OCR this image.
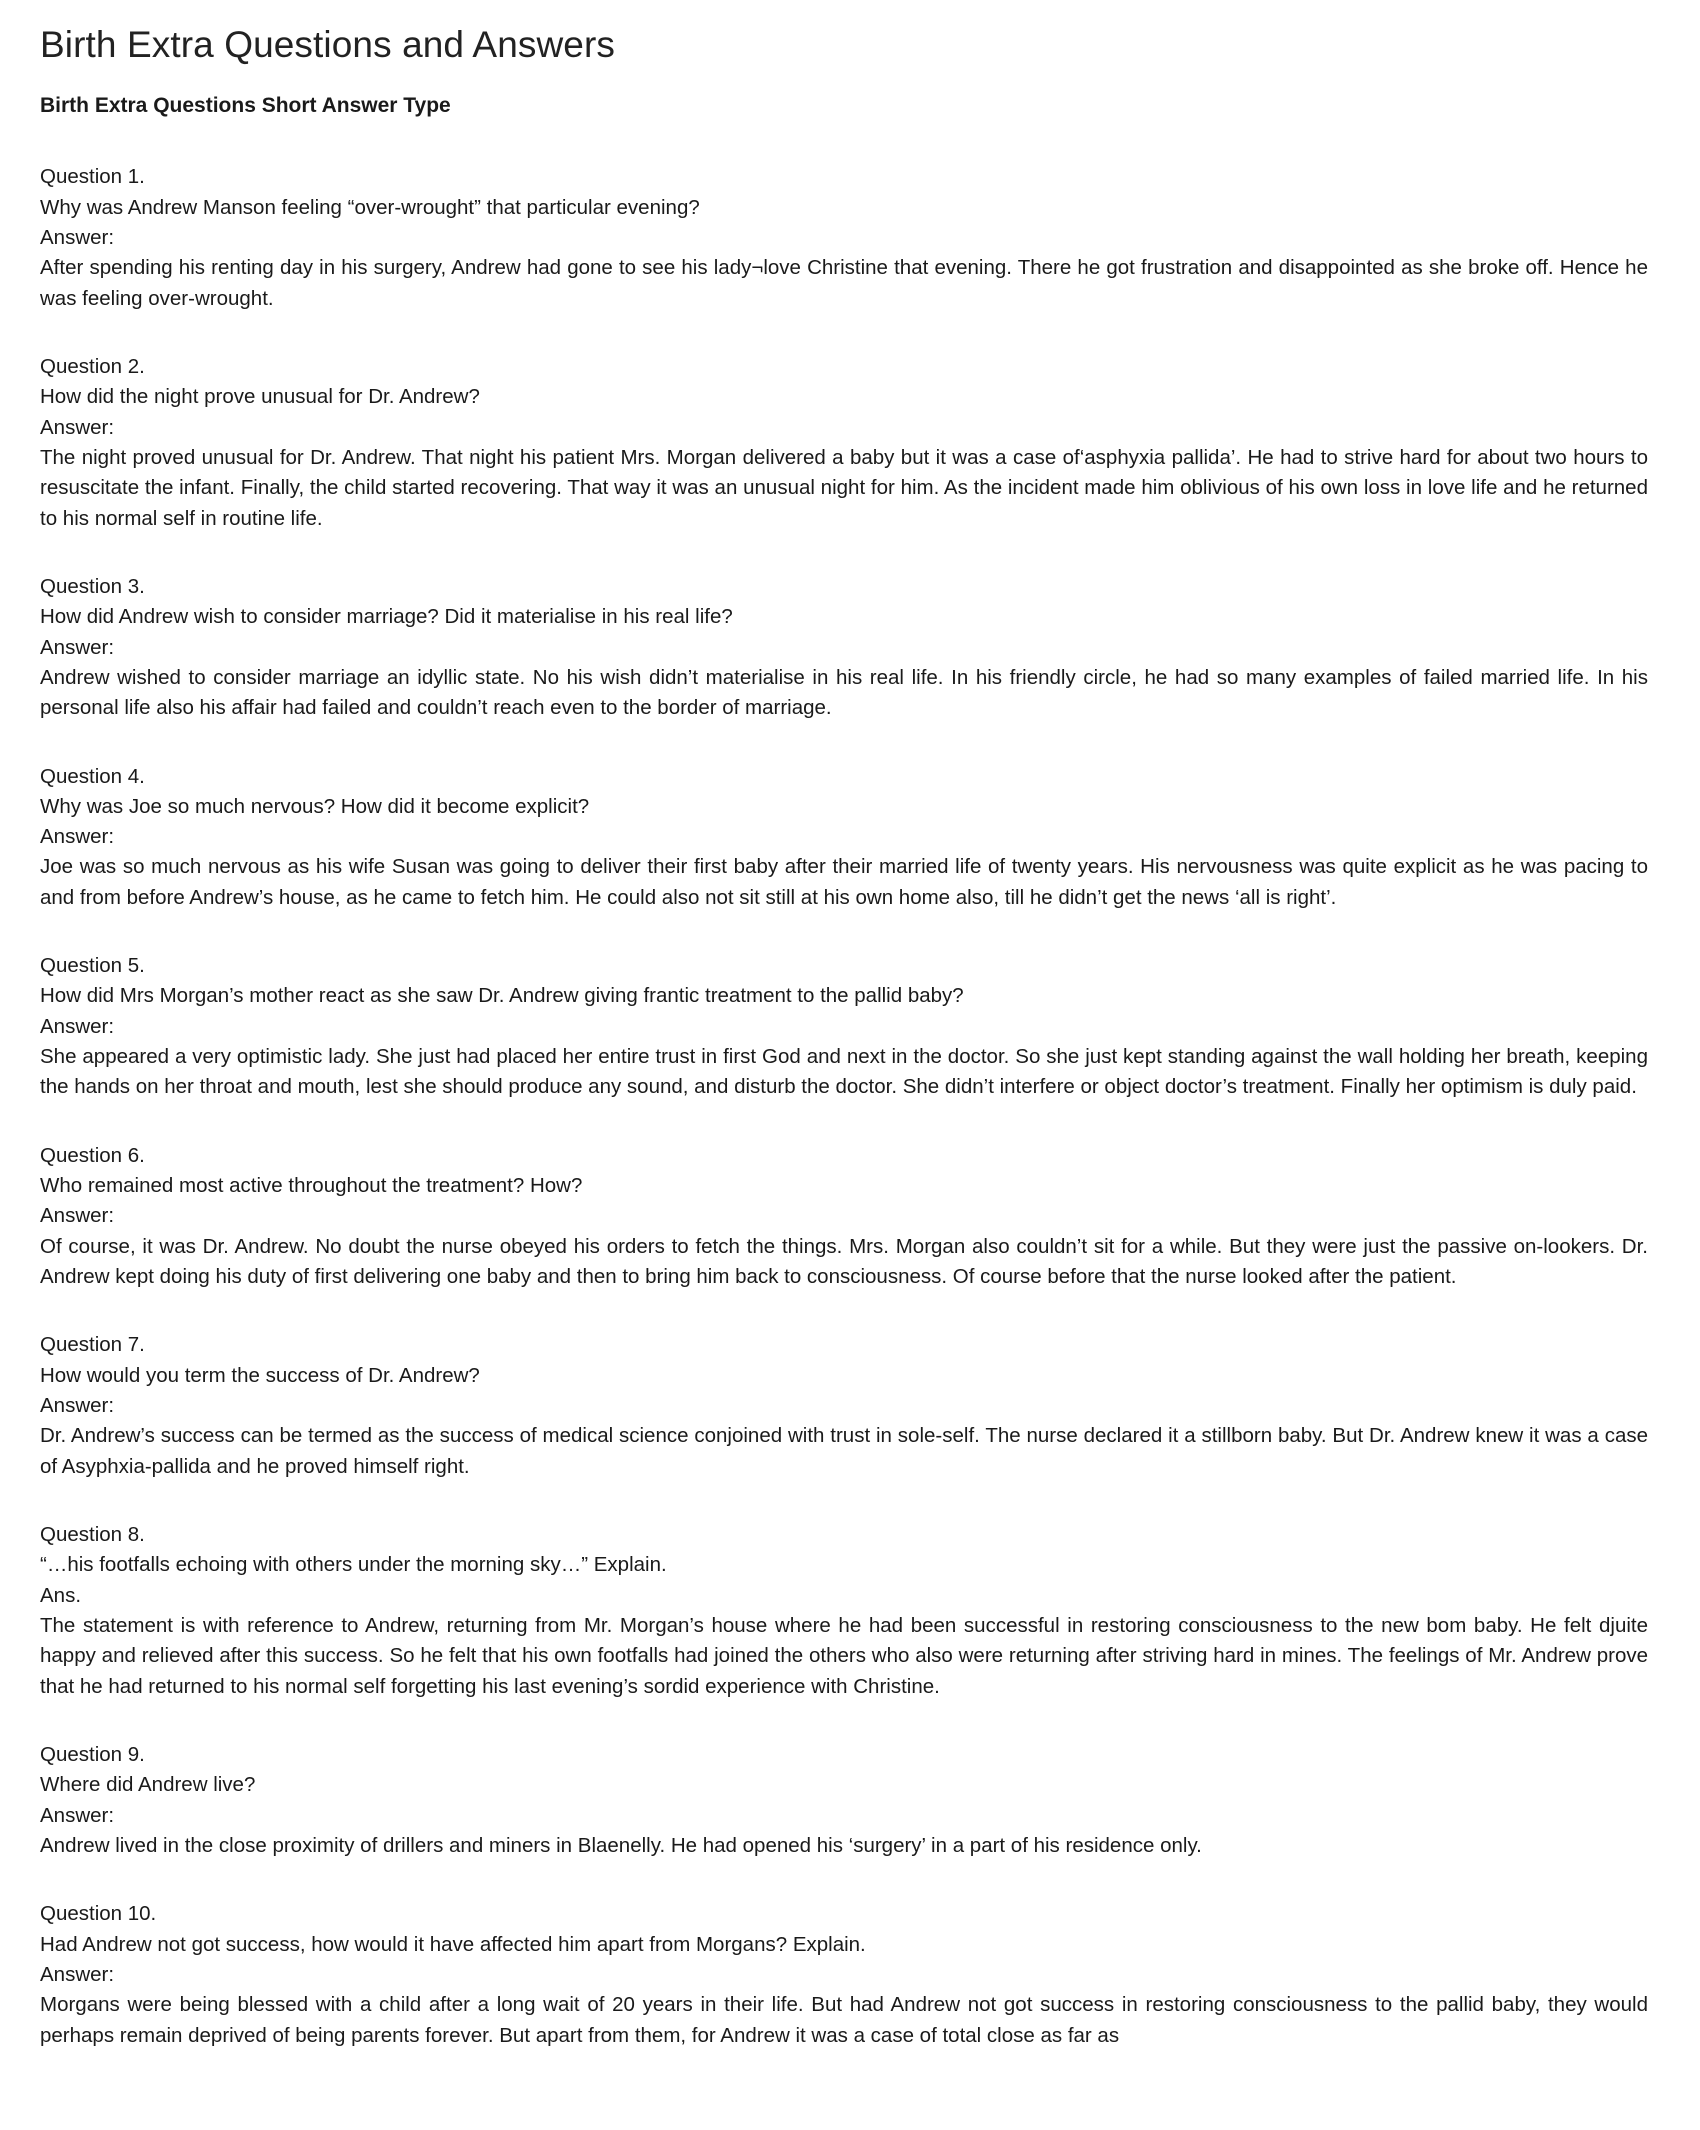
Birth Extra Questions and Answers
Birth Extra Questions Short Answer Type

Question 1.

Why was Andrew Manson feeling “over-wrought” that particular evening?

Answer:

After spending his renting day in his surgery, Andrew had gone to see his lady¬love Christine that evening. There he got frustration and disappointed as she broke off. Hence he was feeling over-wrought.

Question 2.

How did the night prove unusual for Dr. Andrew?

Answer:

The night proved unusual for Dr. Andrew. That night his patient Mrs. Morgan delivered a baby but it was a case of‘asphyxia pallida’. He had to strive hard for about two hours to resuscitate the infant. Finally, the child started recovering. That way it was an unusual night for him. As the incident made him oblivious of his own loss in love life and he returned to his normal self in routine life.

Question 3.

How did Andrew wish to consider marriage? Did it materialise in his real life?

Answer:

Andrew wished to consider marriage an idyllic state. No his wish didn’t materialise in his real life. In his friendly circle, he had so many examples of failed married life. In his personal life also his affair had failed and couldn’t reach even to the border of marriage.

Question 4.

Why was Joe so much nervous? How did it become explicit?

Answer:

Joe was so much nervous as his wife Susan was going to deliver their first baby after their married life of twenty years. His nervousness was quite explicit as he was pacing to and from before Andrew’s house, as he came to fetch him. He could also not sit still at his own home also, till he didn’t get the news ‘all is right’.

Question 5.

How did Mrs Morgan’s mother react as she saw Dr. Andrew giving frantic treatment to the pallid baby?

Answer:

She appeared a very optimistic lady. She just had placed her entire trust in first God and next in the doctor. So she just kept standing against the wall holding her breath, keeping the hands on her throat and mouth, lest she should produce any sound, and disturb the doctor. She didn’t interfere or object doctor’s treatment. Finally her optimism is duly paid.

Question 6.

Who remained most active throughout the treatment? How?

Answer:

Of course, it was Dr. Andrew. No doubt the nurse obeyed his orders to fetch the things. Mrs. Morgan also couldn’t sit for a while. But they were just the passive on-lookers. Dr. Andrew kept doing his duty of first delivering one baby and then to bring him back to consciousness. Of course before that the nurse looked after the patient.

Question 7.

How would you term the success of Dr. Andrew?

Answer:

Dr. Andrew’s success can be termed as the success of medical science conjoined with trust in sole-self. The nurse declared it a stillborn baby. But Dr. Andrew knew it was a case of Asyphxia-pallida and he proved himself right.

Question 8.

“…his footfalls echoing with others under the morning sky…” Explain.

Ans.

The statement is with reference to Andrew, returning from Mr. Morgan’s house where he had been successful in restoring consciousness to the new bom baby. He felt djuite happy and relieved after this success. So he felt that his own footfalls had joined the others who also were returning after striving hard in mines. The feelings of Mr. Andrew prove that he had returned to his normal self forgetting his last evening’s sordid experience with Christine.

Question 9.

Where did Andrew live?

Answer:

Andrew lived in the close proximity of drillers and miners in Blaenelly. He had opened his ‘surgery’ in a part of his residence only.

Question 10.

Had Andrew not got success, how would it have affected him apart from Morgans? Explain.

Answer:

Morgans were being blessed with a child after a long wait of 20 years in their life. But had Andrew not got success in restoring consciousness to the pallid baby, they would perhaps remain deprived of being parents forever. But apart from them, for Andrew it was a case of total close as far as
